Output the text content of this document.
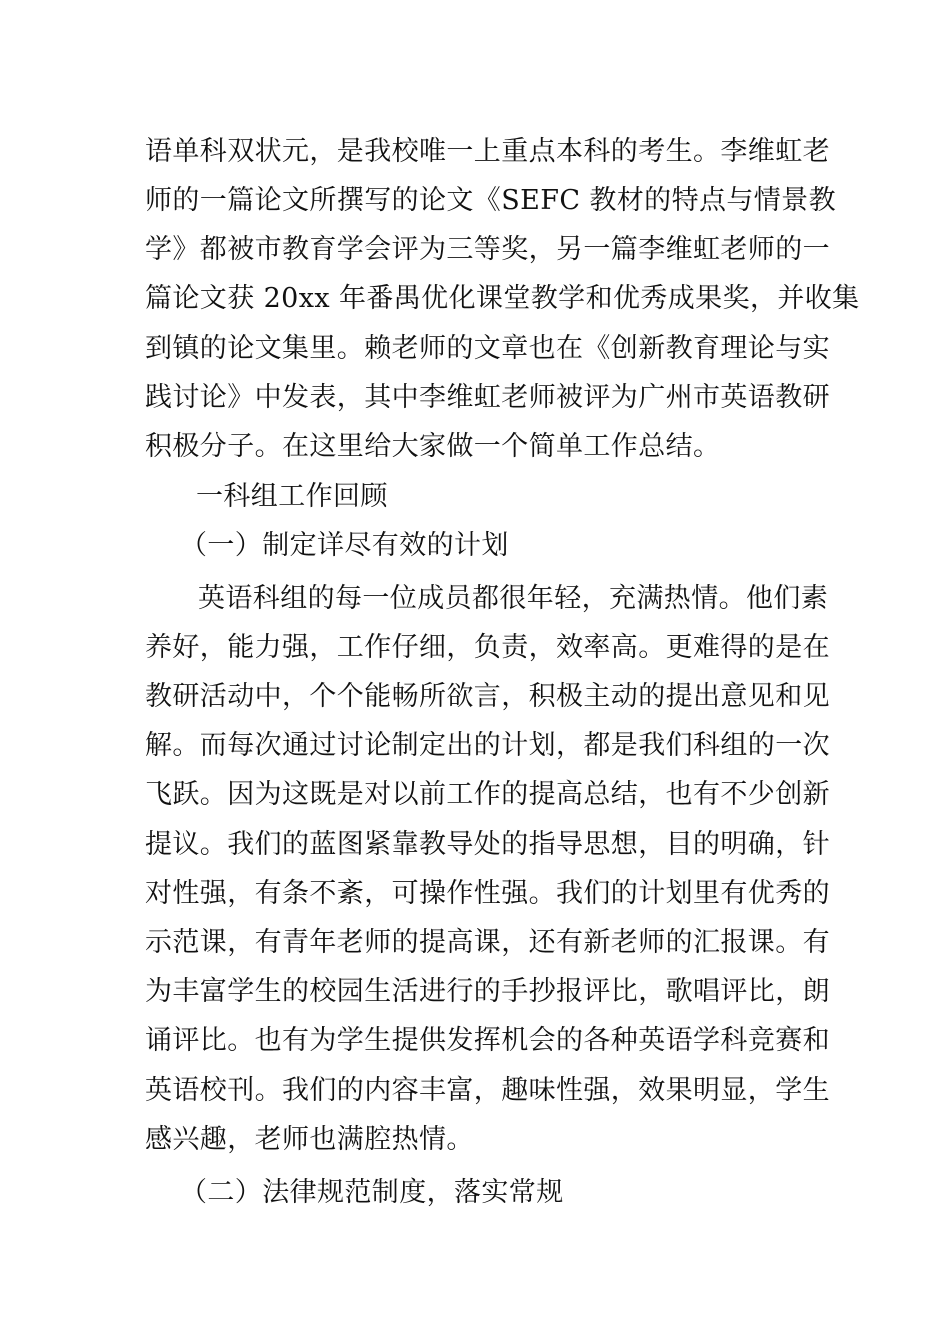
语单科双状元，是我校唯一上重点本科的考生。李维虹老
师的一篇论文所撰写的论文《SEFC 教材的特点与情景教
学》都被市教育学会评为三等奖，另一篇李维虹老师的一
篇论文获 20xx 年番禺优化课堂教学和优秀成果奖，并收集
到镇的论文集里。赖老师的文章也在《创新教育理论与实
践讨论》中发表，其中李维虹老师被评为广州市英语教研
积极分子。在这里给大家做一个简单工作总结。
一科组工作回顾
（一）制定详尽有效的计划
英语科组的每一位成员都很年轻，充满热情。他们素
养好，能力强，工作仔细，负责，效率高。更难得的是在
教研活动中，个个能畅所欲言，积极主动的提出意见和见
解。而每次通过讨论制定出的计划，都是我们科组的一次
飞跃。因为这既是对以前工作的提高总结，也有不少创新
提议。我们的蓝图紧靠教导处的指导思想，目的明确，针
对性强，有条不紊，可操作性强。我们的计划里有优秀的
示范课，有青年老师的提高课，还有新老师的汇报课。有
为丰富学生的校园生活进行的手抄报评比，歌唱评比，朗
诵评比。也有为学生提供发挥机会的各种英语学科竞赛和
英语校刊。我们的内容丰富，趣味性强，效果明显，学生
感兴趣，老师也满腔热情。
（二）法律规范制度，落实常规
